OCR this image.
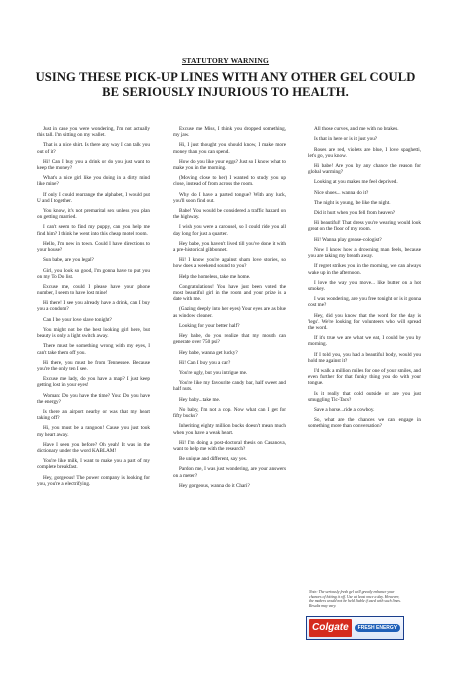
STATUTORY WARNING
USING THESE PICK-UP LINES WITH ANY OTHER GEL COULD BE SERIOUSLY INJURIOUS TO HEALTH.

Just in case you were wondering, I'm not actually this tall. I'm sitting on my wallet.

That is a nice shirt. Is there any way I can talk you out of it?

Hi! Can I buy you a drink or do you just want to keep the money?

What's a nice girl like you doing in a dirty mind like mine?

If only I could rearrange the alphabet, I would put U and I together.

You know, it's not premarital sex unless you plan on getting married.

I can't seem to find my puppy, can you help me find him? I think he went into this cheap motel room.

Hello, I'm new in town. Could I have directions to your house?

Sun babe, are you legal?

Girl, you look so good, I'm gonna have to put you on my To Do list.

Excuse me, could I please have your phone number, I seem to have lost mine!

Hi there! I see you already have a drink, can I buy you a condom?

Can I be your love slave tonight?

You might not be the best looking girl here, but beauty is only a light switch away.

There must be something wrong with my eyes, I can't take them off you.

Hi there, you must be from Tennessee. Because you're the only ten I see.

Excuse me lady, do you have a map? I just keep getting lost in your eyes!

Woman: Do you have the time? You: Do you have the energy?

Is there an airport nearby or was that my heart taking off?

Hi, you must be a rangoon! Cause you just took my heart away.

Have I seen you before? Oh yeah! It was in the dictionary under the word KABLAM!

You're like milk, I want to make you a part of my complete breakfast.

Hey, gorgeous! The power company is looking for you, you're a electrifying.

Excuse me Miss, I think you dropped something, my jaw.

Hi, I just thought you should know, I make more money than you can spend.

How do you like your eggs? Just so I know what to make you in the morning.

(Moving close to her) I wanted to study you up close, instead of from across the room.

Why do I have a parted tongue? With any luck, you'll soon find out.

Babe! You would be considered a traffic hazard on the highway.

I wish you were a carousel, so I could ride you all day long for just a quarter.

Hey babe, you haven't lived till you've done it with a pre-historical gibbonnet.

Hi! I know you're against sham love stories, so how does a weekend sound to you?

Help the homeless, take me home.

Congratulations! You have just been voted the most beautiful girl in the room and your prize is a date with me.

(Gazing deeply into her eyes) Your eyes are as blue as window cleaner.

Looking for your better half?

Hey babe, do you realize that my mouth can generate over 750 psi?

Hey babe, wanna get lucky?

Hi! Can I buy you a car?

You're ugly, but you intrigue me.

You're like my favourite candy bar, half sweet and half nuts.

Hey baby...take me.

No baby, I'm not a cop. Now what can I get for fifty bucks?

Inheriting eighty million bucks doesn't mean much when you have a weak heart.

Hi! I'm doing a post-doctoral thesis on Casanova, want to help me with the research?

Be unique and different, say yes.

Pardon me, I was just wondering, are your answers on a meter?

Hey gorgeous, wanna do it Chari?

All those curves, and me with no brakes.

Is that in here or is it just you?

Roses are red, violets are blue, I love spaghetti, let's go, you know.

Hi babe! Are you by any chance the reason for global warming?

Looking at you makes me feel deprived.

Nice shoes... wanna do it?

The night is young, be like the night.

Did it hurt when you fell from heaven?

Hi beautiful! That dress you're wearing would look great on the floor of my room.

Hi! Wanna play grease-cologist?

Now I know how a drowning man feels, because you are taking my breath away.

If regret strikes you in the morning, we can always wake up in the afternoon.

I love the way you move... like butter on a hot smokey.

I was wondering, are you free tonight or is it gonna cost me?

Hey, did you know that the word for the day is 'legs'. We're looking for volunteers who will spread the word.

If it's true we are what we eat, I could be you by morning.

If I told you, you had a beautiful body, would you hold me against it?

I'd walk a million miles for one of your smiles, and even further for that funky thing you do with your tongue.

Is it really that cold outside or are you just smuggling Tic-Tacs?

Save a horse...ride a cowboy.

So, what are the chances we can engage in something more than conversation?

Note: The seriously fresh gel will greatly enhance your chances of hitting it off. Use at least once a day. However, the makers would not be held liable if used with such lines. Results may vary.

Colgate	FRESH ENERGY
